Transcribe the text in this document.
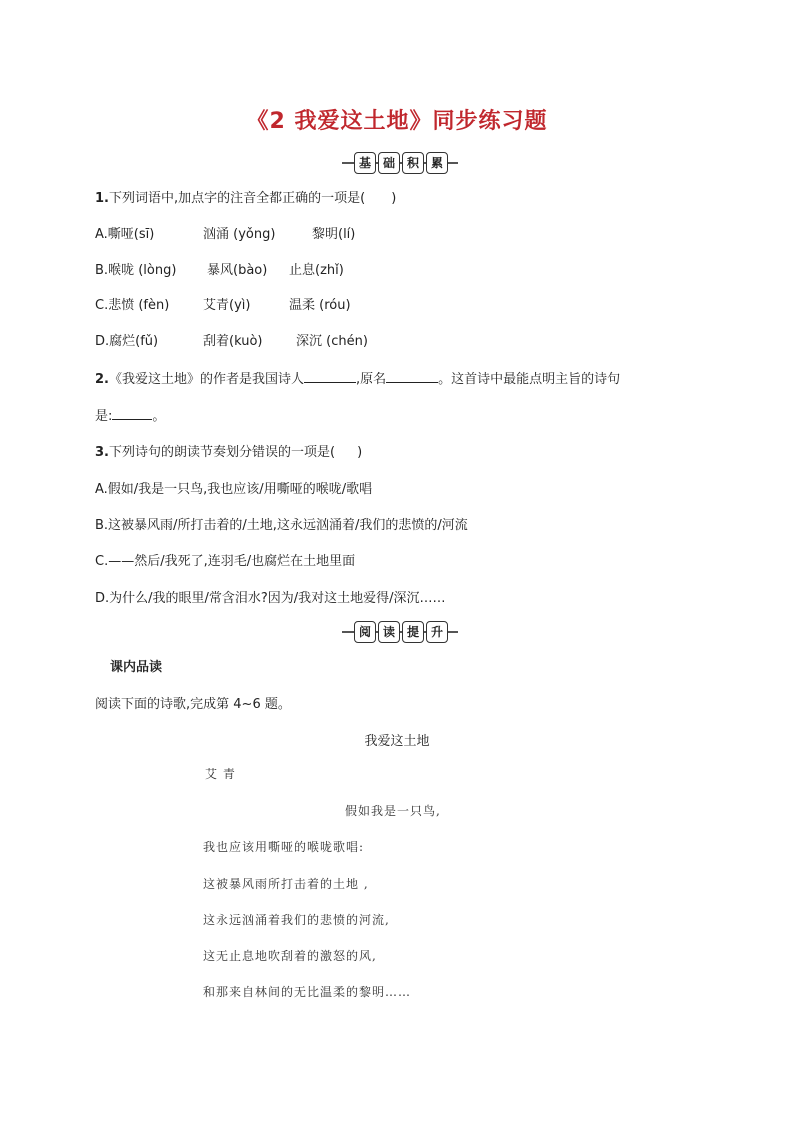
《2 我爱这土地》同步练习题
基 础 积 累
1.下列词语中,加点字的注音全都正确的一项是( )
A.嘶哑(sī)	汹涌 (yǒng)	黎明(lí)
B.喉咙 (lòng) 暴风(bào) 止息(zhǐ)
C.悲愤 (fèn)	艾青(yì)	温柔 (róu)
D.腐烂(fǔ)	刮着(kuò)	深沉 (chén)
2.《我爱这土地》的作者是我国诗人	,原名	。这首诗中最能点明主旨的诗句
是:	。
3.下列诗句的朗读节奏划分错误的一项是( )
A.假如/我是一只鸟,我也应该/用嘶哑的喉咙/歌唱
B.这被暴风雨/所打击着的/土地,这永远汹涌着/我们的悲愤的/河流
C.——然后/我死了,连羽毛/也腐烂在土地里面
D.为什么/我的眼里/常含泪水?因为/我对这土地爱得/深沉……
阅 读 提 升
课内品读
阅读下面的诗歌,完成第 4~6 题。
我爱这土地
艾 青
假如我是一只鸟,
我也应该用嘶哑的喉咙歌唱:
这被暴风雨所打击着的土地 ,
这永远汹涌着我们的悲愤的河流,
这无止息地吹刮着的激怒的风,
和那来自林间的无比温柔的黎明……
